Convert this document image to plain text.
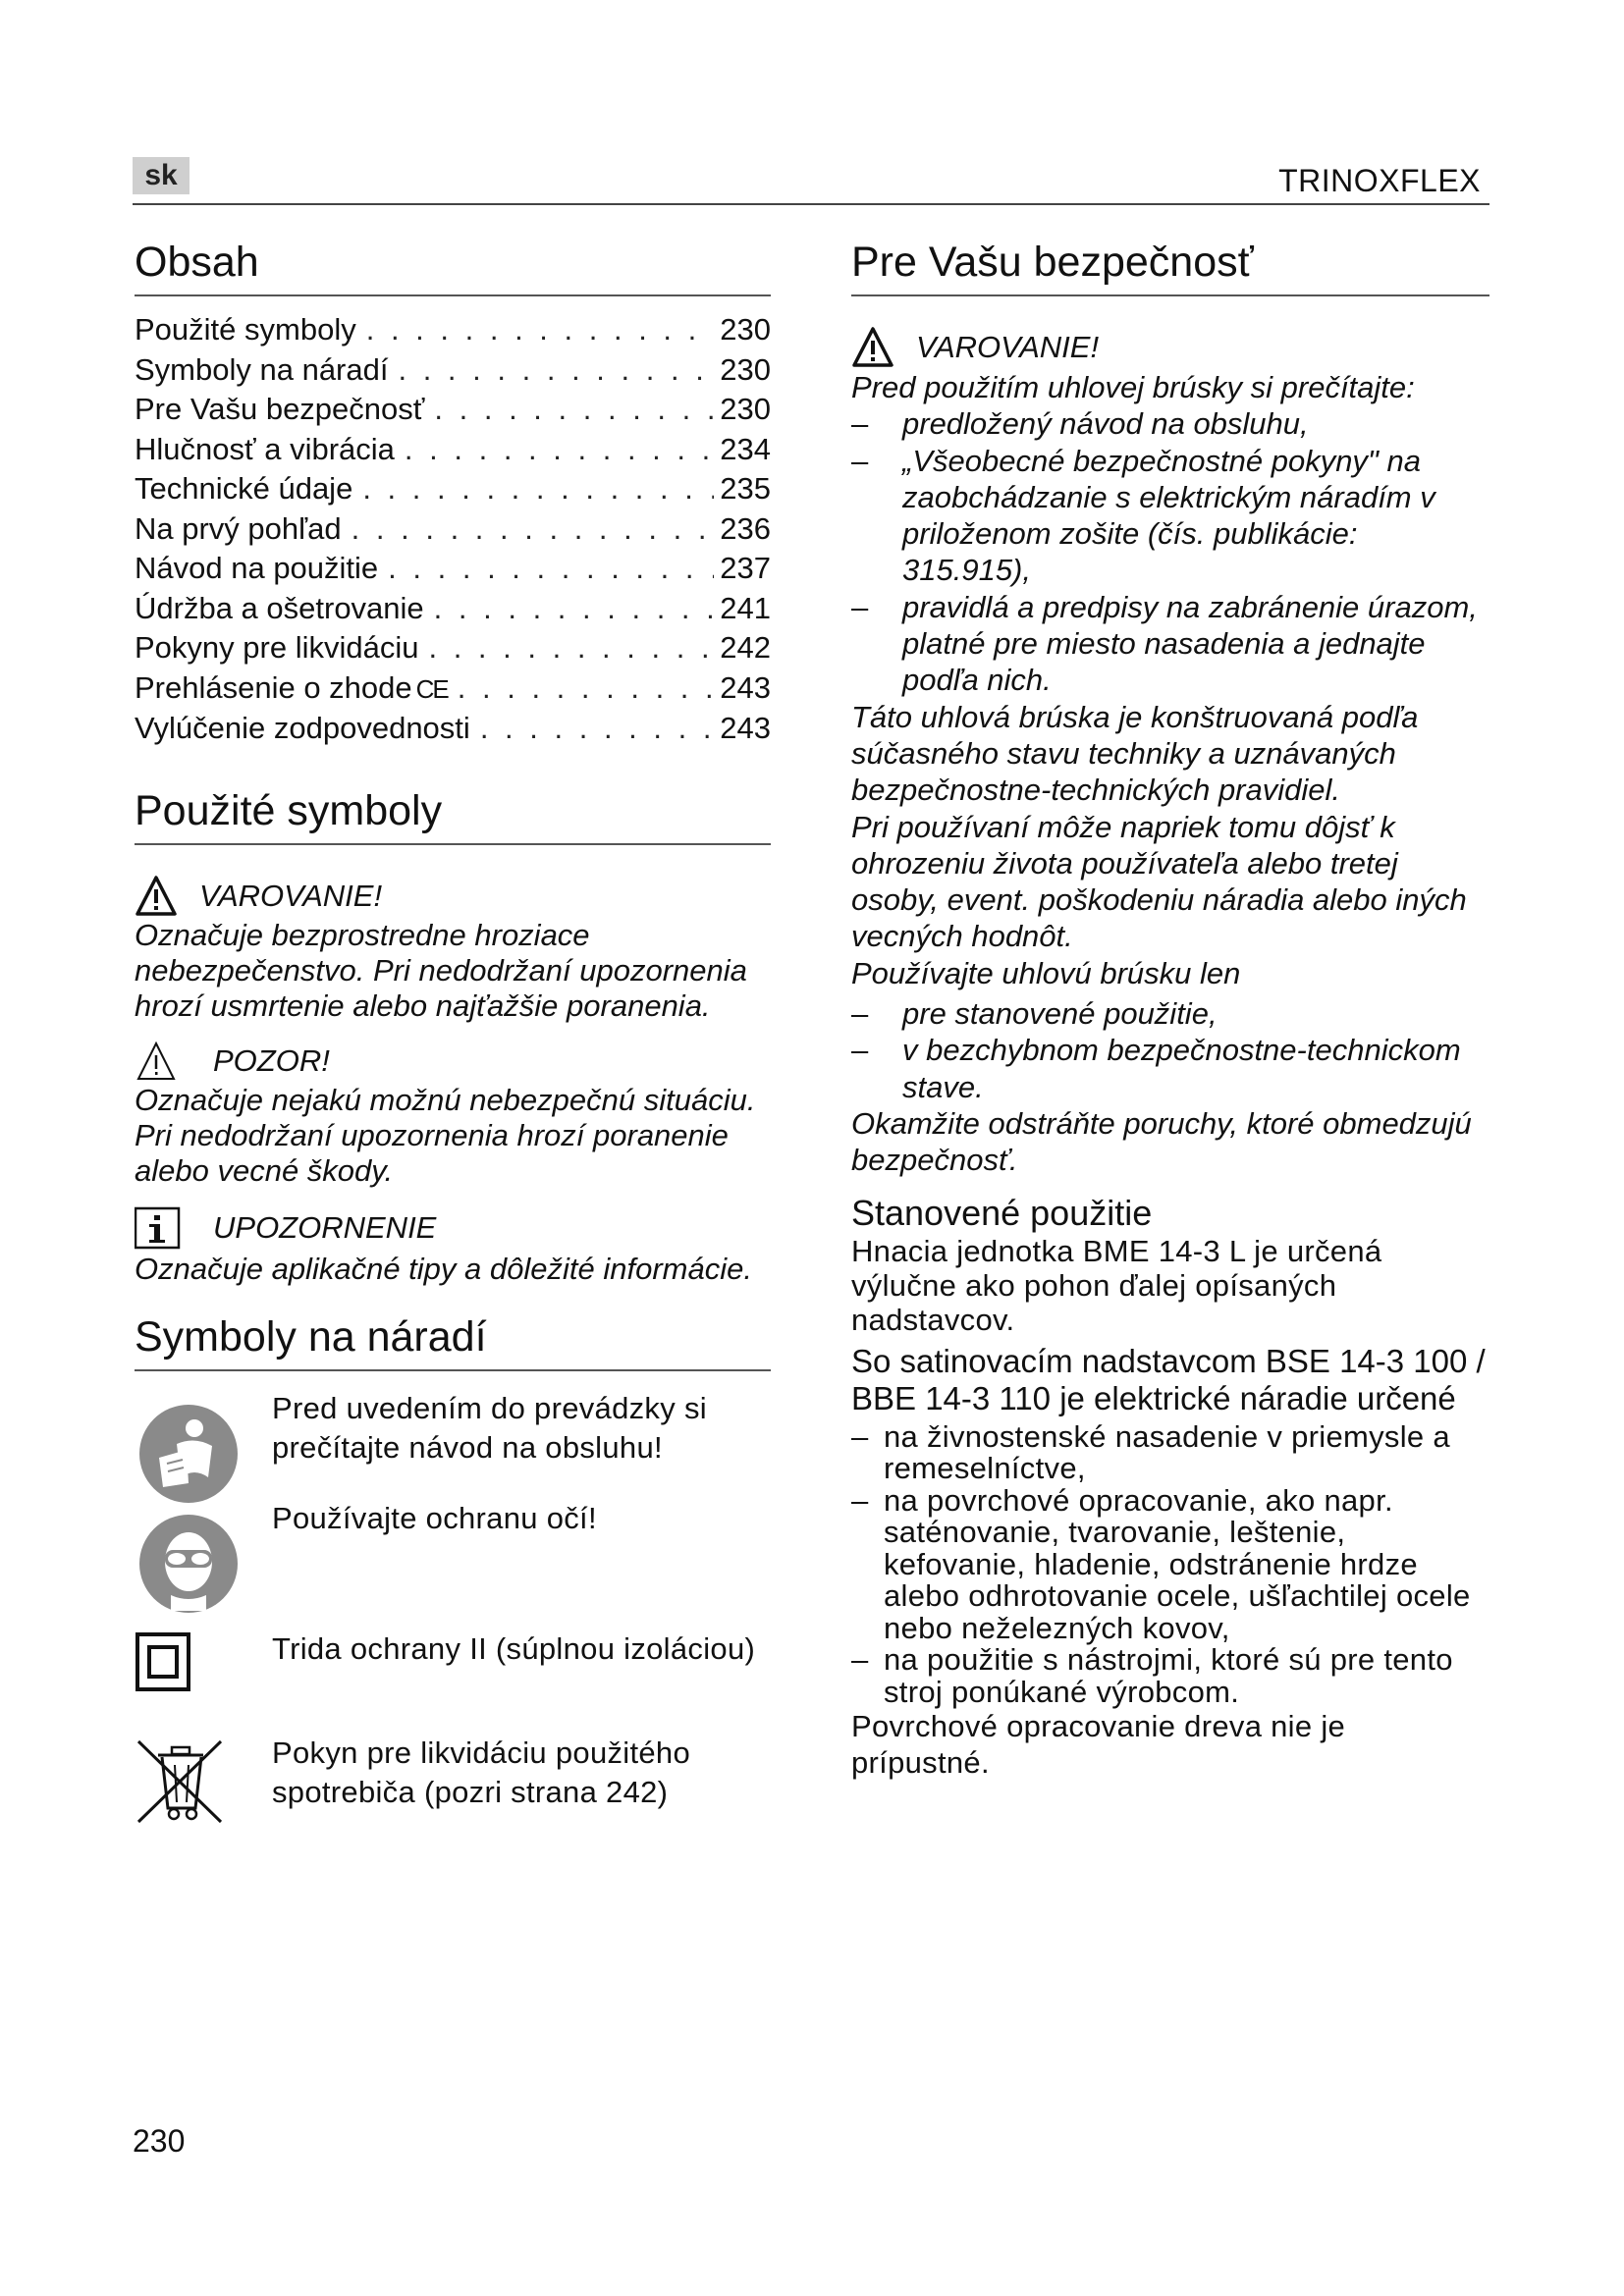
sk	TRINOXFLEX
Obsah
Použité symboly . . .	230
Symboly na náradí . . .	230
Pre Vašu bezpečnosť . . .	230
Hlučnosť a vibrácia . . .	234
Technické údaje . . .	235
Na prvý pohľad . . .	236
Návod na použitie . . .	237
Údržba a ošetrovanie . . .	241
Pokyny pre likvidáciu . . .	242
Prehlásenie o zhode CE . . .	243
Vylúčenie zodpovednosti . . .	243
Použité symboly
VAROVANIE!

Označuje bezprostredne hroziace nebezpečenstvo. Pri nedodržaní upozornenia hrozí usmrtenie alebo najťažšie poranenia.

POZOR!

Označuje nejakú možnú nebezpečnú situáciu. Pri nedodržaní upozornenia hrozí poranenie alebo vecné škody.

UPOZORNENIE

Označuje aplikačné tipy a dôležité informácie.

Symboly na náradí
Pred uvedením do prevádzky si prečítajte návod na obsluhu!
Používajte ochranu očí!
Trida ochrany II (súplnou izoláciou)
Pokyn pre likvidáciu použitého spotrebiča (pozri strana 242)
Pre Vašu bezpečnosť
VAROVANIE!

Pred použitím uhlovej brúsky si prečítajte:

– predložený návod na obsluhu,
– „Všeobecné bezpečnostné pokyny" na zaobchádzanie s elektrickým náradím v priloženom zošite (čís. publikácie: 315.915),
– pravidlá a predpisy na zabránenie úrazom, platné pre miesto nasadenia a jednajte podľa nich.

Táto uhlová brúska je konštruovaná podľa súčasného stavu techniky a uznávaných bezpečnostne-technických pravidiel.

Pri používaní môže napriek tomu dôjsť k ohrozeniu života používateľa alebo tretej osoby, event. poškodeniu náradia alebo iných vecných hodnôt.

Používajte uhlovú brúsku len

– pre stanovené použitie,
– v bezchybnom bezpečnostne-technickom stave.

Okamžite odstráňte poruchy, ktoré obmedzujú bezpečnosť.

Stanovené použitie

Hnacia jednotka BME 14-3 L je určená výlučne ako pohon ďalej opísaných nadstavcov.

So satinovacím nadstavcom BSE 14-3 100 / BBE 14-3 110 je elektrické náradie určené
– na živnostenské nasadenie v priemysle a remeselníctve,
– na povrchové opracovanie, ako napr. saténovanie, tvarovanie, leštenie, kefovanie, hladenie, odstránenie hrdze alebo odhrotovanie ocele, ušľachtilej ocele nebo neželezných kovov,
– na použitie s nástrojmi, ktoré sú pre tento stroj ponúkané výrobcom.

Povrchové opracovanie dreva nie je prípustné.

230
